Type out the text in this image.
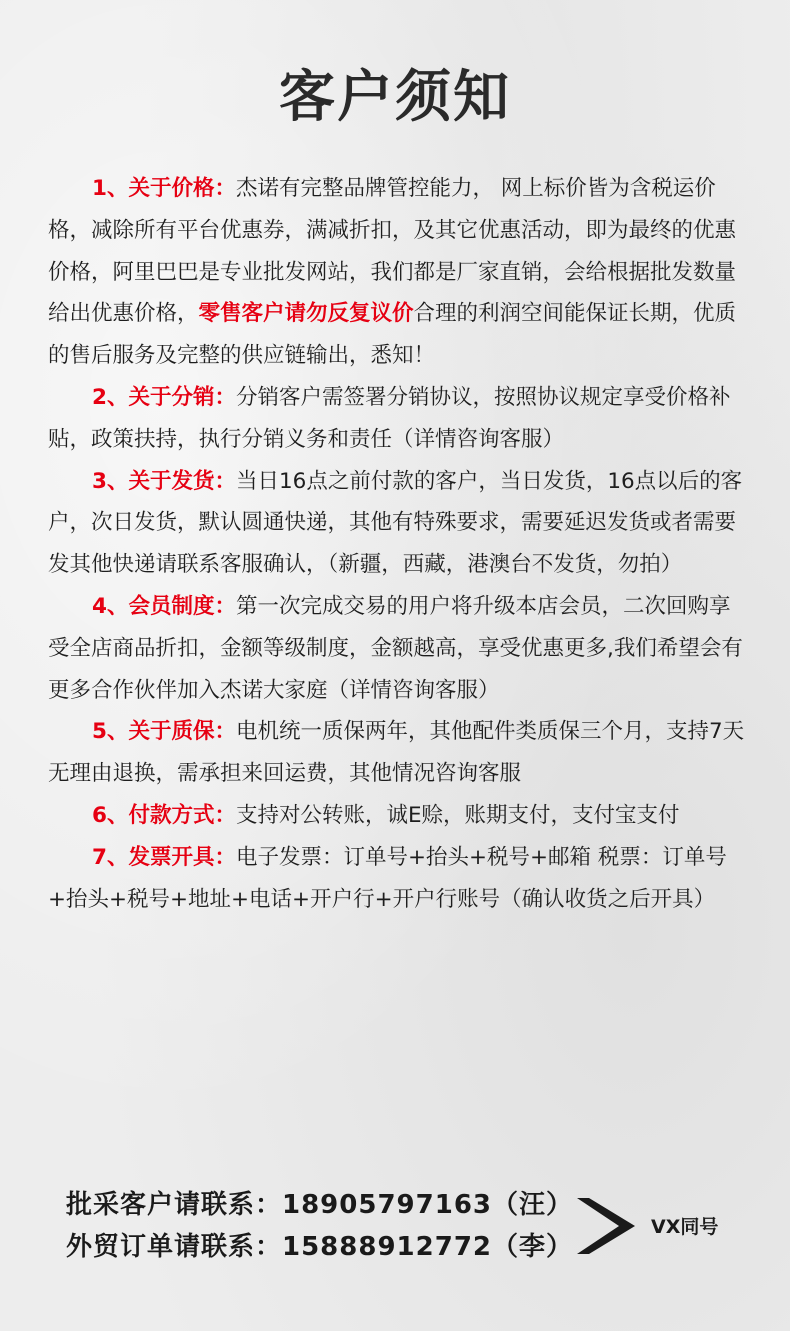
客户须知

1、关于价格：杰诺有完整品牌管控能力， 网上标价皆为含税运价格，减除所有平台优惠券，满减折扣，及其它优惠活动，即为最终的优惠价格，阿里巴巴是专业批发网站，我们都是厂家直销，会给根据批发数量给出优惠价格，零售客户请勿反复议价合理的利润空间能保证长期，优质的售后服务及完整的供应链输出，悉知！

2、关于分销：分销客户需签署分销协议，按照协议规定享受价格补贴，政策扶持，执行分销义务和责任（详情咨询客服）

3、关于发货：当日16点之前付款的客户，当日发货，16点以后的客户，次日发货，默认圆通快递，其他有特殊要求，需要延迟发货或者需要发其他快递请联系客服确认，（新疆，西藏，港澳台不发货，勿拍）

4、会员制度：第一次完成交易的用户将升级本店会员，二次回购享受全店商品折扣，金额等级制度，金额越高，享受优惠更多,我们希望会有更多合作伙伴加入杰诺大家庭（详情咨询客服）

5、关于质保：电机统一质保两年，其他配件类质保三个月，支持7天无理由退换，需承担来回运费，其他情况咨询客服

6、付款方式：支持对公转账，诚E赊，账期支付，支付宝支付

7、发票开具：电子发票：订单号+抬头+税号+邮箱 税票：订单号+抬头+税号+地址+电话+开户行+开户行账号（确认收货之后开具）

批采客户请联系：18905797163（汪）
外贸订单请联系：15888912772（李）
VX同号
